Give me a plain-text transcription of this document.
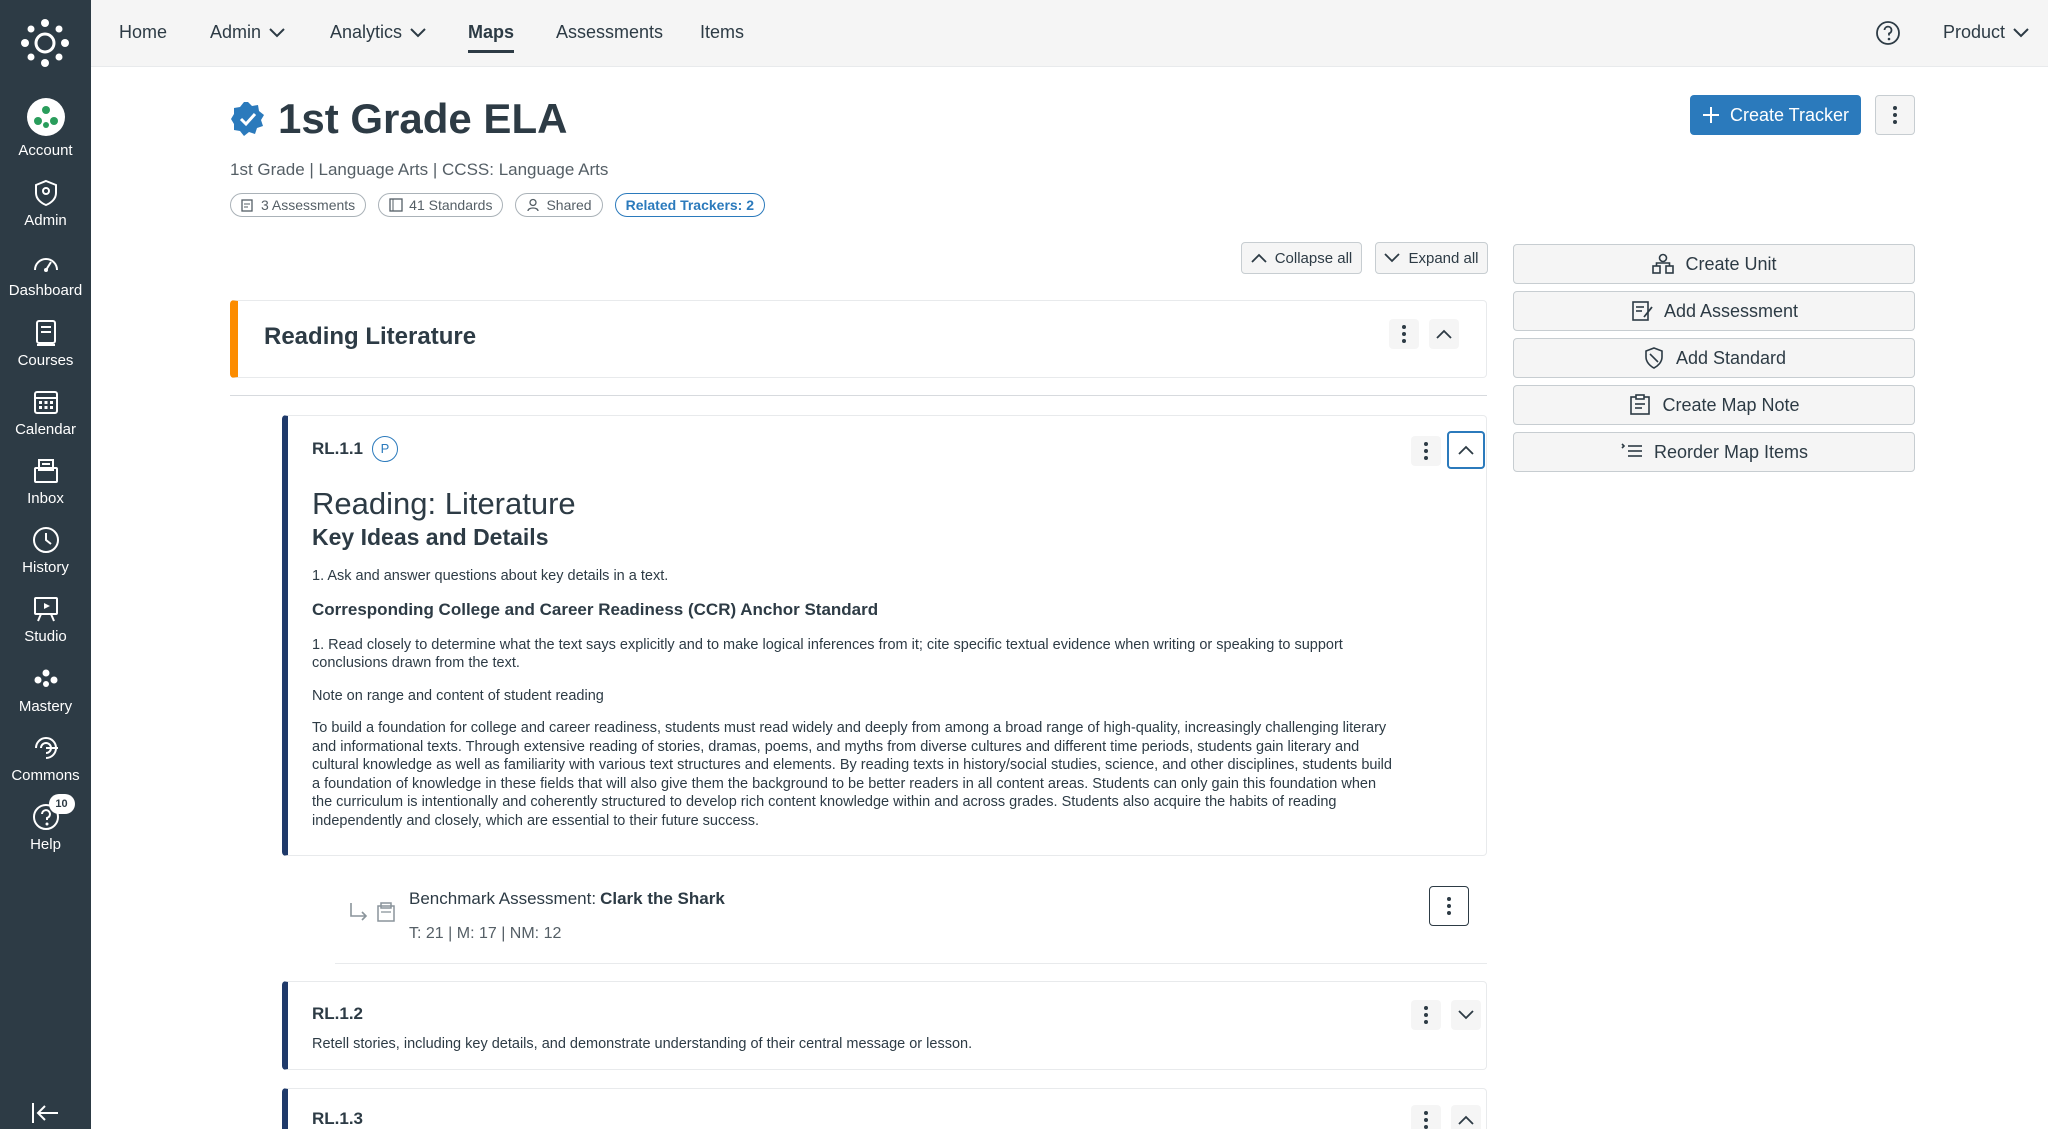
Account
Admin
Dashboard
Courses
Calendar
Inbox
History
Studio
Mastery
Commons
10
Help
Home Admin	Analytics	Maps Assessments Items	Product
1st Grade ELA
1st Grade | Language Arts | CCSS: Language Arts
3 Assessments	41 Standards	Shared	Related Trackers: 2
Create Tracker
Collapse all	Expand all	Create Unit
Add Assessment
Add Standard
Create Map Note
Reorder Map Items
Reading Literature
RL.1.1	P
Reading: Literature
Key Ideas and Details

1. Ask and answer questions about key details in a text.

Corresponding College and Career Readiness (CCR) Anchor Standard

1. Read closely to determine what the text says explicitly and to make logical inferences from it; cite specific textual evidence when writing or speaking to support conclusions drawn from the text.

Note on range and content of student reading

To build a foundation for college and career readiness, students must read widely and deeply from among a broad range of high-quality, increasingly challenging literary and informational texts. Through extensive reading of stories, dramas, poems, and myths from diverse cultures and different time periods, students gain literary and cultural knowledge as well as familiarity with various text structures and elements. By reading texts in history/social studies, science, and other disciplines, students build a foundation of knowledge in these fields that will also give them the background to be better readers in all content areas. Students can only gain this foundation when the curriculum is intentionally and coherently structured to develop rich content knowledge within and across grades. Students also acquire the habits of reading independently and closely, which are essential to their future success.

Benchmark Assessment: Clark the Shark
T: 21 | M: 17 | NM: 12
RL.1.2

Retell stories, including key details, and demonstrate understanding of their central message or lesson.

RL.1.3
